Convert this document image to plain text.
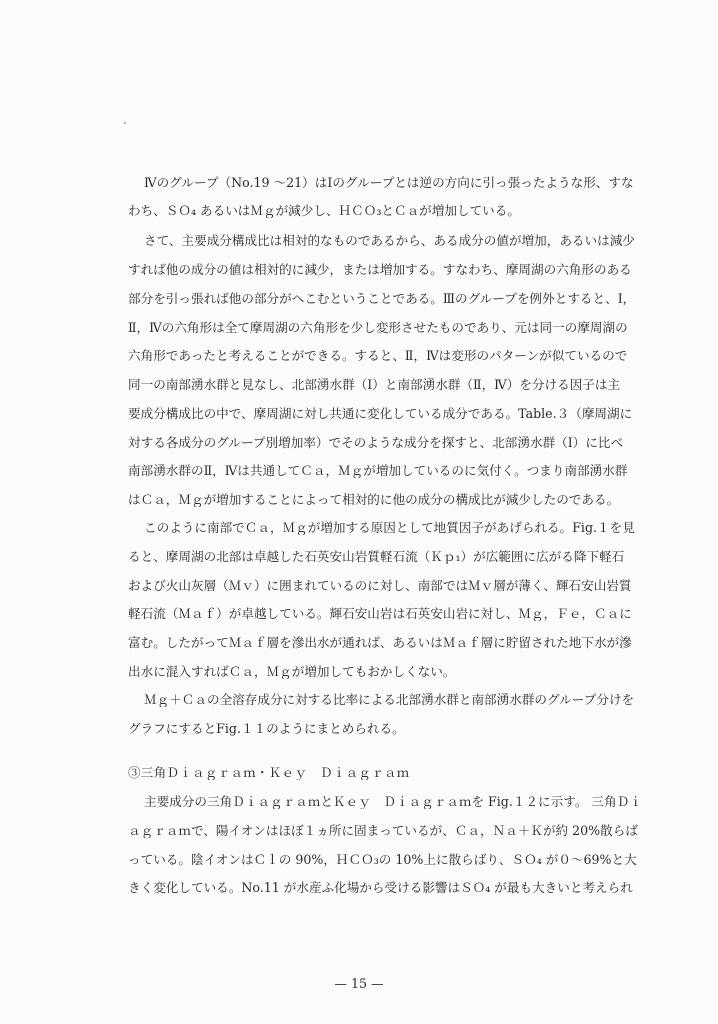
Ⅳのグループ（No.19 〜21）はⅠのグループとは逆の方向に引っ張ったような形、すな
わち、ＳＯ₄ あるいはＭｇが減少し、ＨＣＯ₃とＣａが増加している。
さて、主要成分構成比は相対的なものであるから、ある成分の値が増加，あるいは減少
すれば他の成分の値は相対的に減少，または増加する。すなわち、摩周湖の六角形のある
部分を引っ張れば他の部分がへこむということである。Ⅲのグループを例外とすると、Ⅰ，
Ⅱ，Ⅳの六角形は全て摩周湖の六角形を少し変形させたものであり、元は同一の摩周湖の
六角形であったと考えることができる。すると、Ⅱ，Ⅳは変形のパターンが似ているので
同一の南部湧水群と見なし、北部湧水群（Ⅰ）と南部湧水群（Ⅱ，Ⅳ）を分ける因子は主
要成分構成比の中で、摩周湖に対し共通に変化している成分である。Table.３（摩周湖に
対する各成分のグループ別増加率）でそのような成分を探すと、北部湧水群（Ⅰ）に比べ
南部湧水群のⅡ，Ⅳは共通してＣａ，Ｍｇが増加しているのに気付く。つまり南部湧水群
はＣａ，Ｍｇが増加することによって相対的に他の成分の構成比が減少したのである。
このように南部でＣａ，Ｍｇが増加する原因として地質因子があげられる。Fig.１を見
ると、摩周湖の北部は卓越した石英安山岩質軽石流（Ｋｐ₁）が広範囲に広がる降下軽石
および火山灰層（Ｍｖ）に囲まれているのに対し、南部ではＭｖ層が薄く、輝石安山岩質
軽石流（Ｍａｆ）が卓越している。輝石安山岩は石英安山岩に対し、Ｍｇ，Ｆｅ，Ｃａに
富む。したがってＭａｆ層を滲出水が通れば、あるいはＭａｆ層に貯留された地下水が滲
出水に混入すればＣａ，Ｍｇが増加してもおかしくない。
Ｍｇ＋Ｃａの全溶存成分に対する比率による北部湧水群と南部湧水群のグループ分けを
グラフにするとFig.１１のようにまとめられる。
③三角Ｄｉａｇｒａｍ・Ｋｅｙ　Ｄｉａｇｒａｍ
主要成分の三角ＤｉａｇｒａｍとＫｅｙ　Ｄｉａｇｒａｍを Fig.１２に示す。 三角Ｄｉ
ａｇｒａｍで、陽イオンはほぼ１ヵ所に固まっているが、Ｃａ，Ｎａ＋Ｋが約 20%散らば
っている。陰イオンはＣｌの 90%，ＨＣＯ₃の 10%上に散らばり、ＳＯ₄ が０〜69%と大
きく変化している。No.11 が水産ふ化場から受ける影響はＳＯ₄ が最も大きいと考えられ
— 15 —
